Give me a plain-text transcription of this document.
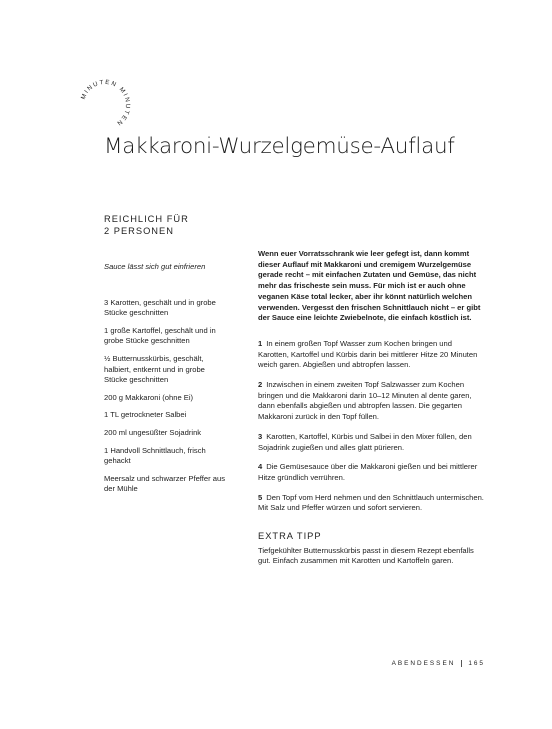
MINUTEN MINUTEN
Makkaroni-Wurzelgemüse-Auflauf
REICHLICH FÜR
2 PERSONEN
Sauce lässt sich gut einfrieren
3 Karotten, geschält und in grobe Stücke geschnitten
1 große Kartoffel, geschält und in grobe Stücke geschnitten
½ Butternusskürbis, geschält, halbiert, entkernt und in grobe Stücke geschnitten
200 g Makkaroni (ohne Ei)
1 TL getrockneter Salbei
200 ml ungesüßter Sojadrink
1 Handvoll Schnittlauch, frisch gehackt
Meersalz und schwarzer Pfeffer aus der Mühle
Wenn euer Vorratsschrank wie leer gefegt ist, dann kommt dieser Auflauf mit Makkaroni und cremigem Wurzelgemüse gerade recht – mit einfachen Zutaten und Gemüse, das nicht mehr das frischeste sein muss. Für mich ist er auch ohne veganen Käse total lecker, aber ihr könnt natürlich welchen verwenden. Vergesst den frischen Schnittlauch nicht – er gibt der Sauce eine leichte Zwiebelnote, die einfach köstlich ist.
1 In einem großen Topf Wasser zum Kochen bringen und Karotten, Kartoffel und Kürbis darin bei mittlerer Hitze 20 Minuten weich garen. Abgießen und abtropfen lassen.
2 Inzwischen in einem zweiten Topf Salzwasser zum Kochen bringen und die Makkaroni darin 10–12 Minuten al dente garen, dann ebenfalls abgießen und abtropfen lassen. Die gegarten Makkaroni zurück in den Topf füllen.
3 Karotten, Kartoffel, Kürbis und Salbei in den Mixer füllen, den Sojadrink zugießen und alles glatt pürieren.
4 Die Gemüsesauce über die Makkaroni gießen und bei mittlerer Hitze gründlich verrühren.
5 Den Topf vom Herd nehmen und den Schnittlauch untermischen. Mit Salz und Pfeffer würzen und sofort servieren.
EXTRA TIPP
Tiefgekühlter Butternusskürbis passt in diesem Rezept ebenfalls gut. Einfach zusammen mit Karotten und Kartoffeln garen.
ABENDESSEN 165
